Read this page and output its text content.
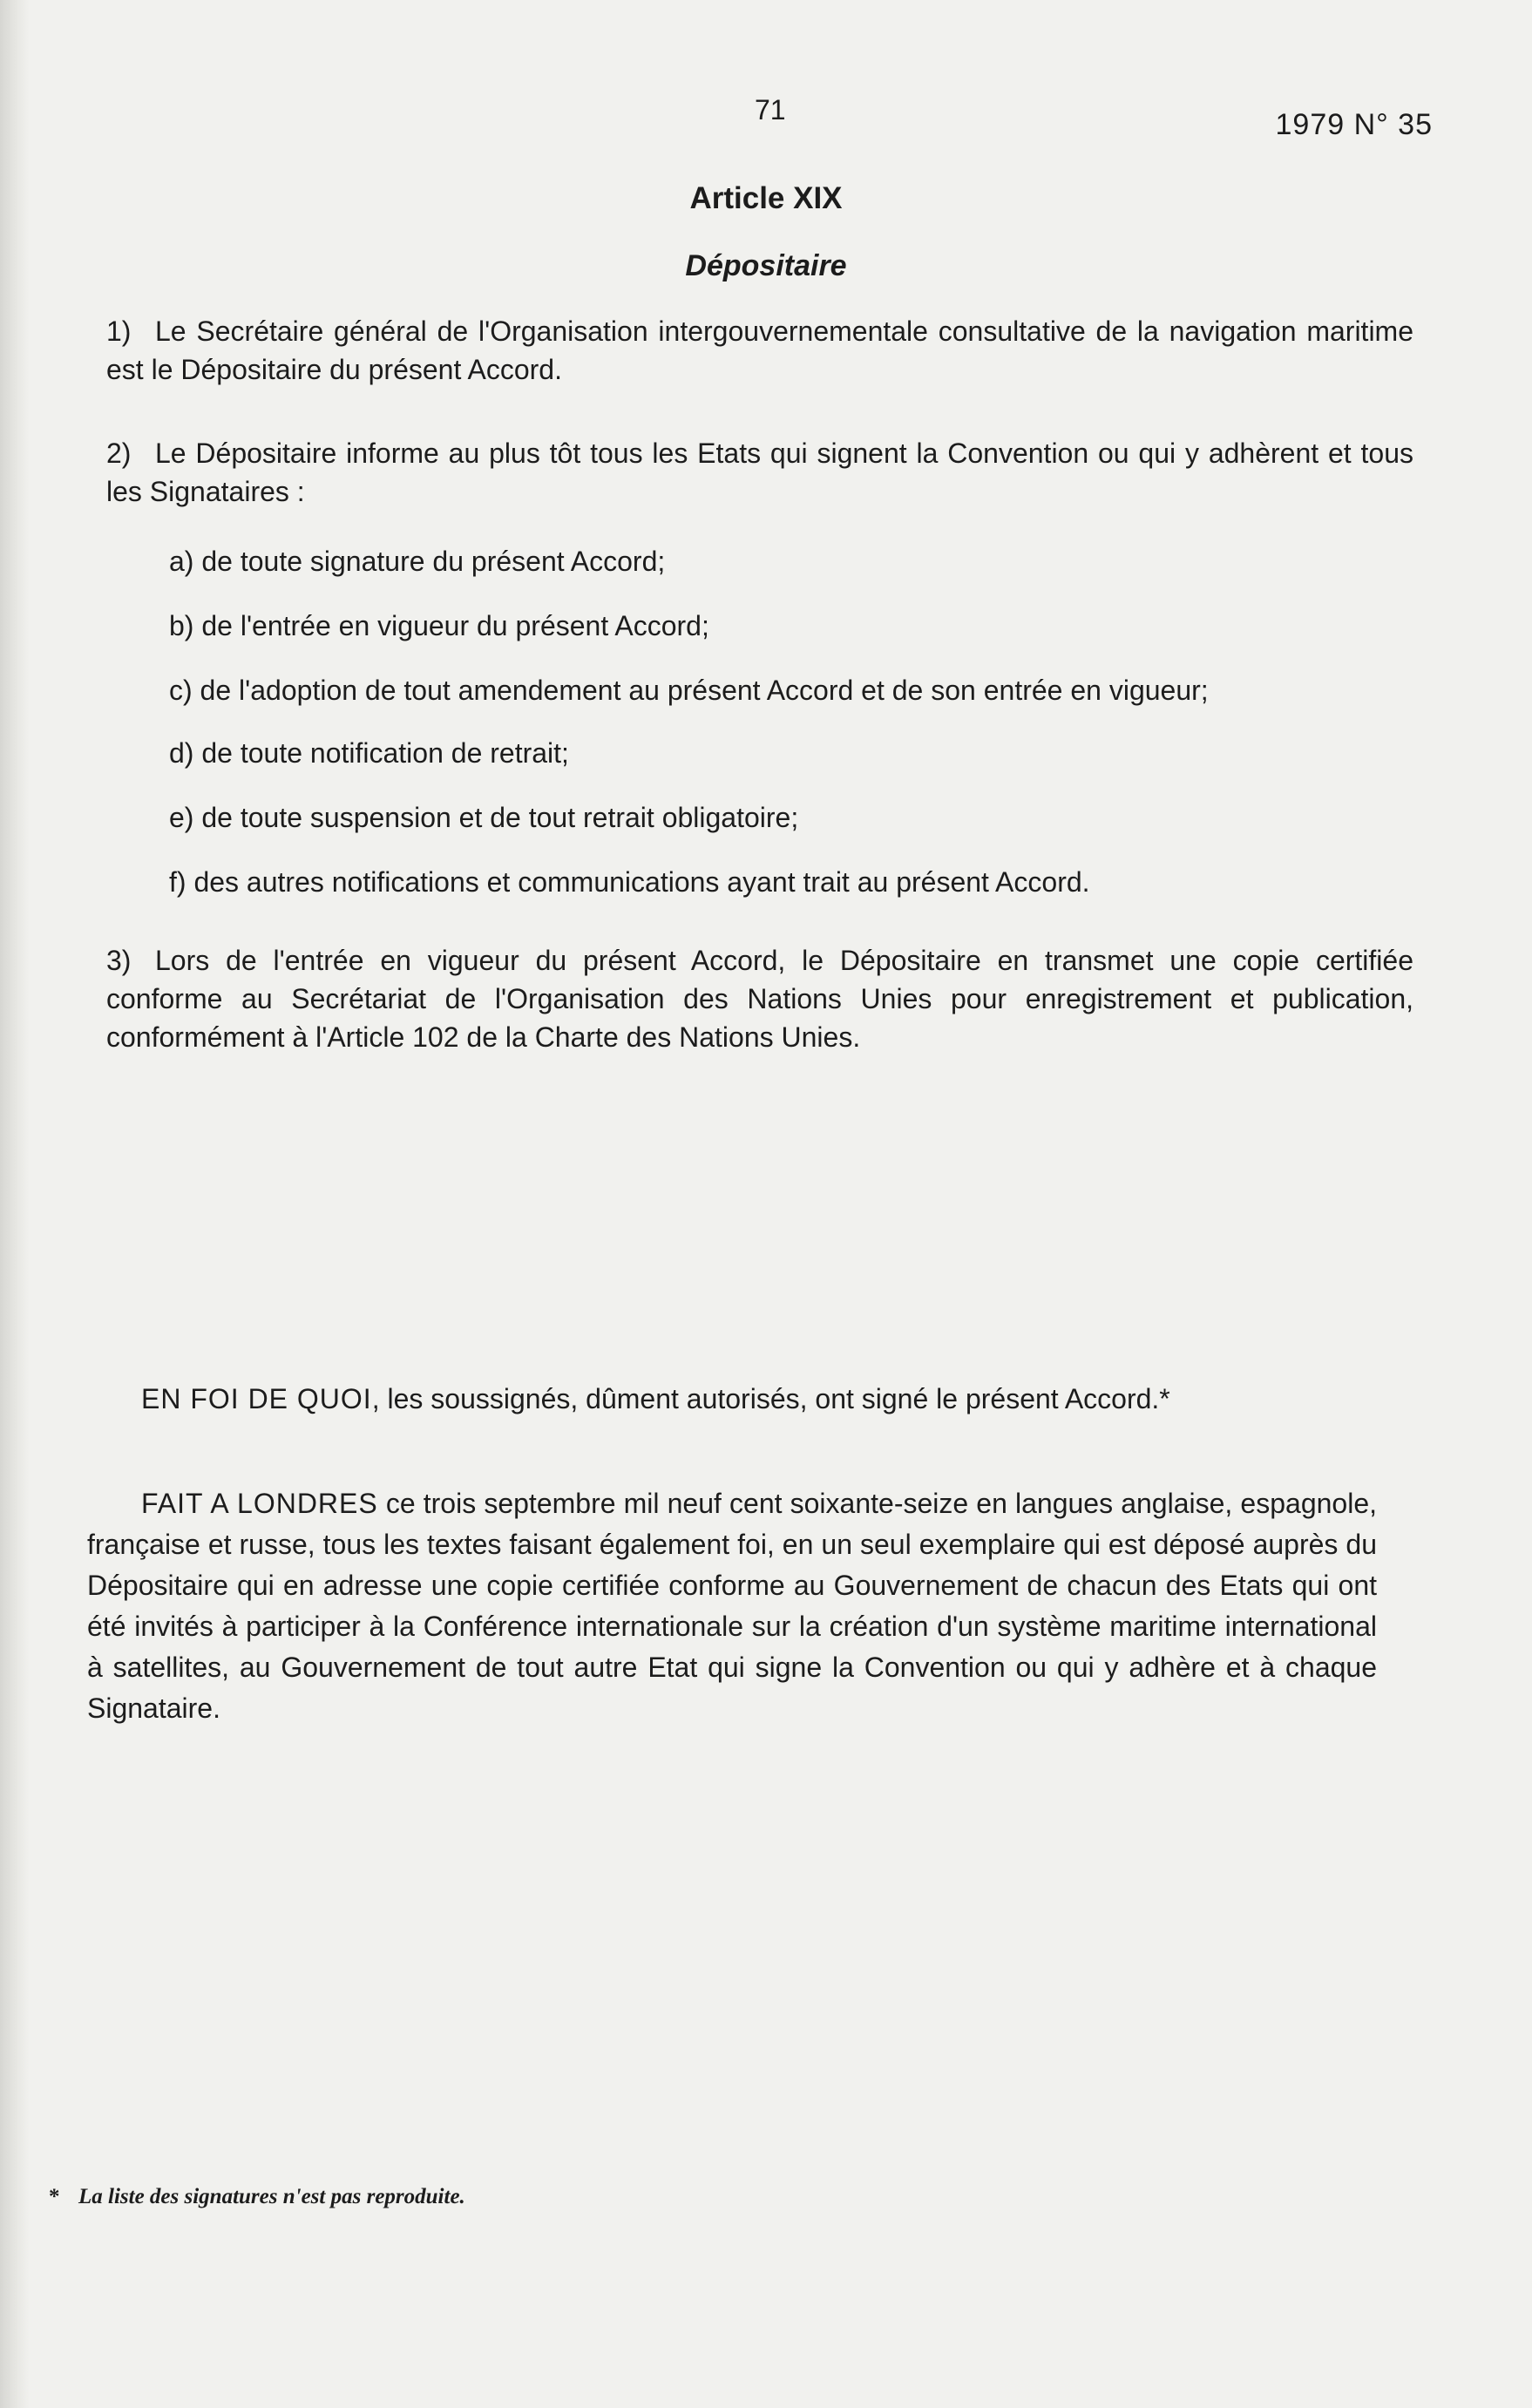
71	1979 N° 35
Article XIX
Dépositaire
1) Le Secrétaire général de l'Organisation intergouvernementale consultative de la navigation maritime est le Dépositaire du présent Accord.
2) Le Dépositaire informe au plus tôt tous les Etats qui signent la Convention ou qui y adhèrent et tous les Signataires :
a) de toute signature du présent Accord;
b) de l'entrée en vigueur du présent Accord;
c) de l'adoption de tout amendement au présent Accord et de son entrée en vigueur;
d) de toute notification de retrait;
e) de toute suspension et de tout retrait obligatoire;
f) des autres notifications et communications ayant trait au présent Accord.
3) Lors de l'entrée en vigueur du présent Accord, le Dépositaire en transmet une copie certifiée conforme au Secrétariat de l'Organisation des Nations Unies pour enregistrement et publication, conformément à l'Article 102 de la Charte des Nations Unies.
EN FOI DE QUOI, les soussignés, dûment autorisés, ont signé le présent Accord.*
FAIT A LONDRES ce trois septembre mil neuf cent soixante-seize en langues anglaise, espagnole, française et russe, tous les textes faisant également foi, en un seul exemplaire qui est déposé auprès du Dépositaire qui en adresse une copie certifiée conforme au Gouvernement de chacun des Etats qui ont été invités à participer à la Conférence internationale sur la création d'un système maritime international à satellites, au Gouvernement de tout autre Etat qui signe la Convention ou qui y adhère et à chaque Signataire.
* La liste des signatures n'est pas reproduite.
